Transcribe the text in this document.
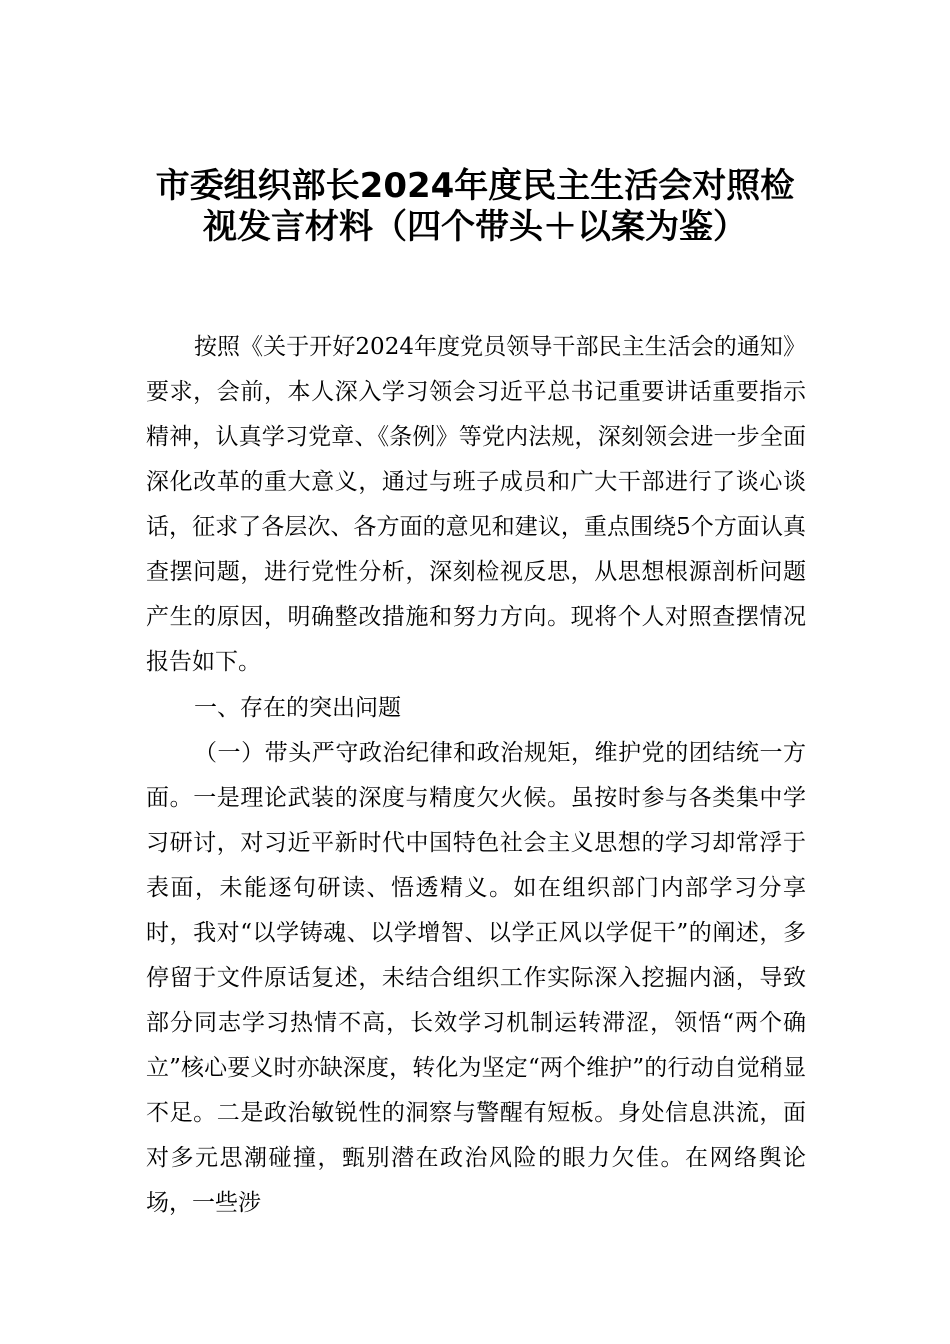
市委组织部长2024年度民主生活会对照检
视发言材料（四个带头＋以案为鉴）
按照《关于开好2024年度党员领导干部民主生活会的通知》要求，会前，本人深入学习领会习近平总书记重要讲话重要指示精神，认真学习党章、《条例》等党内法规，深刻领会进一步全面深化改革的重大意义，通过与班子成员和广大干部进行了谈心谈话，征求了各层次、各方面的意见和建议，重点围绕5个方面认真查摆问题，进行党性分析，深刻检视反思，从思想根源剖析问题产生的原因，明确整改措施和努力方向。现将个人对照查摆情况报告如下。
一、存在的突出问题
（一）带头严守政治纪律和政治规矩，维护党的团结统一方面。一是理论武装的深度与精度欠火候。虽按时参与各类集中学习研讨，对习近平新时代中国特色社会主义思想的学习却常浮于表面，未能逐句研读、悟透精义。如在组织部门内部学习分享时，我对“以学铸魂、以学增智、以学正风以学促干”的阐述，多停留于文件原话复述，未结合组织工作实际深入挖掘内涵，导致部分同志学习热情不高，长效学习机制运转滞涩，领悟“两个确立”核心要义时亦缺深度，转化为坚定“两个维护”的行动自觉稍显不足。二是政治敏锐性的洞察与警醒有短板。身处信息洪流，面对多元思潮碰撞，甄别潜在政治风险的眼力欠佳。在网络舆论场，一些涉
